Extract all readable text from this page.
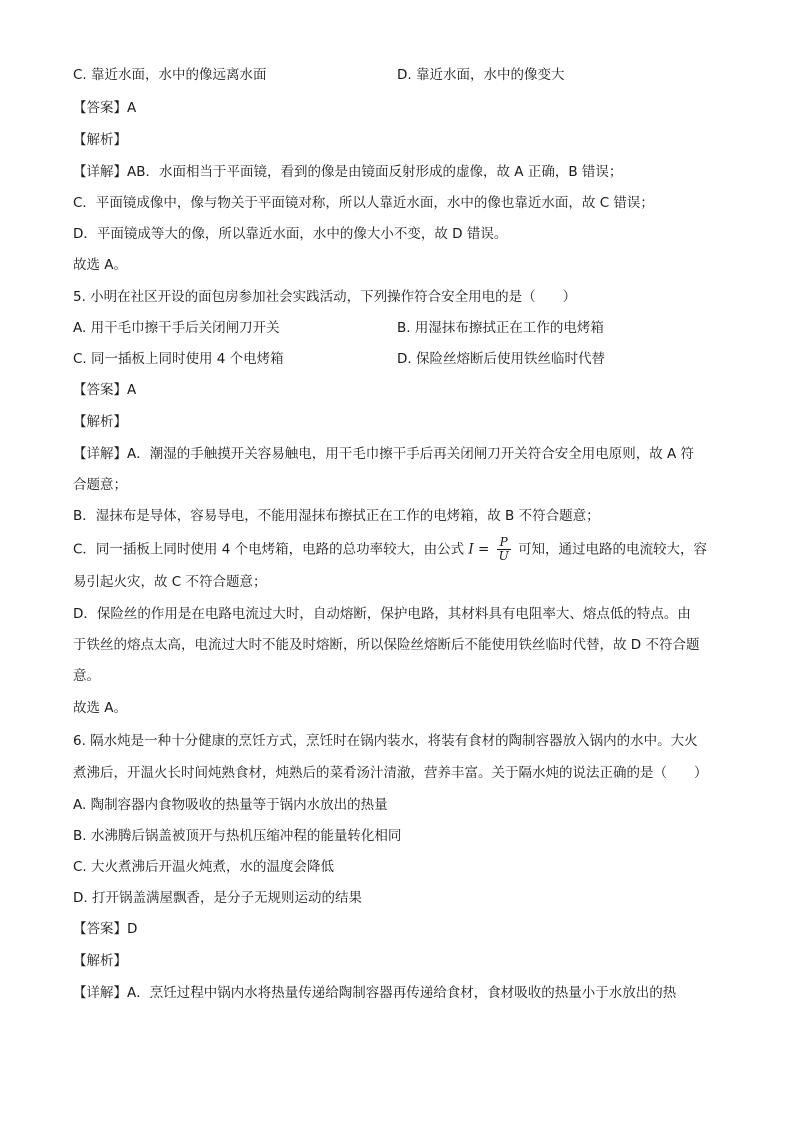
C. 靠近水面，水中的像远离水面	D. 靠近水面，水中的像变大
【答案】A
【解析】
【详解】AB．水面相当于平面镜，看到的像是由镜面反射形成的虚像，故 A 正确，B 错误；
C．平面镜成像中，像与物关于平面镜对称，所以人靠近水面，水中的像也靠近水面，故 C 错误；
D．平面镜成等大的像，所以靠近水面，水中的像大小不变，故 D 错误。
故选 A。
5. 小明在社区开设的面包房参加社会实践活动，下列操作符合安全用电的是（　　）
A. 用干毛巾擦干手后关闭闸刀开关	B. 用湿抹布擦拭正在工作的电烤箱
C. 同一插板上同时使用 4 个电烤箱	D. 保险丝熔断后使用铁丝临时代替
【答案】A
【解析】
【详解】A．潮湿的手触摸开关容易触电，用干毛巾擦干手后再关闭闸刀开关符合安全用电原则，故 A 符
合题意；
B．湿抹布是导体，容易导电，不能用湿抹布擦拭正在工作的电烤箱，故 B 不符合题意；
C．同一插板上同时使用 4 个电烤箱，电路的总功率较大，由公式 $I = \frac{P}{U}$ 可知，通过电路的电流较大，容
易引起火灾，故 C 不符合题意；
D．保险丝的作用是在电路电流过大时，自动熔断，保护电路，其材料具有电阻率大、熔点低的特点。由
于铁丝的熔点太高，电流过大时不能及时熔断，所以保险丝熔断后不能使用铁丝临时代替，故 D 不符合题
意。
故选 A。
6. 隔水炖是一种十分健康的烹饪方式，烹饪时在锅内装水，将装有食材的陶制容器放入锅内的水中。大火
煮沸后，开温火长时间炖熟食材，炖熟后的菜肴汤汁清澈，营养丰富。关于隔水炖的说法正确的是（　　）
A. 陶制容器内食物吸收的热量等于锅内水放出的热量
B. 水沸腾后锅盖被顶开与热机压缩冲程的能量转化相同
C. 大火煮沸后开温火炖煮，水的温度会降低
D. 打开锅盖满屋飘香，是分子无规则运动的结果
【答案】D
【解析】
【详解】A．烹饪过程中锅内水将热量传递给陶制容器再传递给食材，食材吸收的热量小于水放出的热
